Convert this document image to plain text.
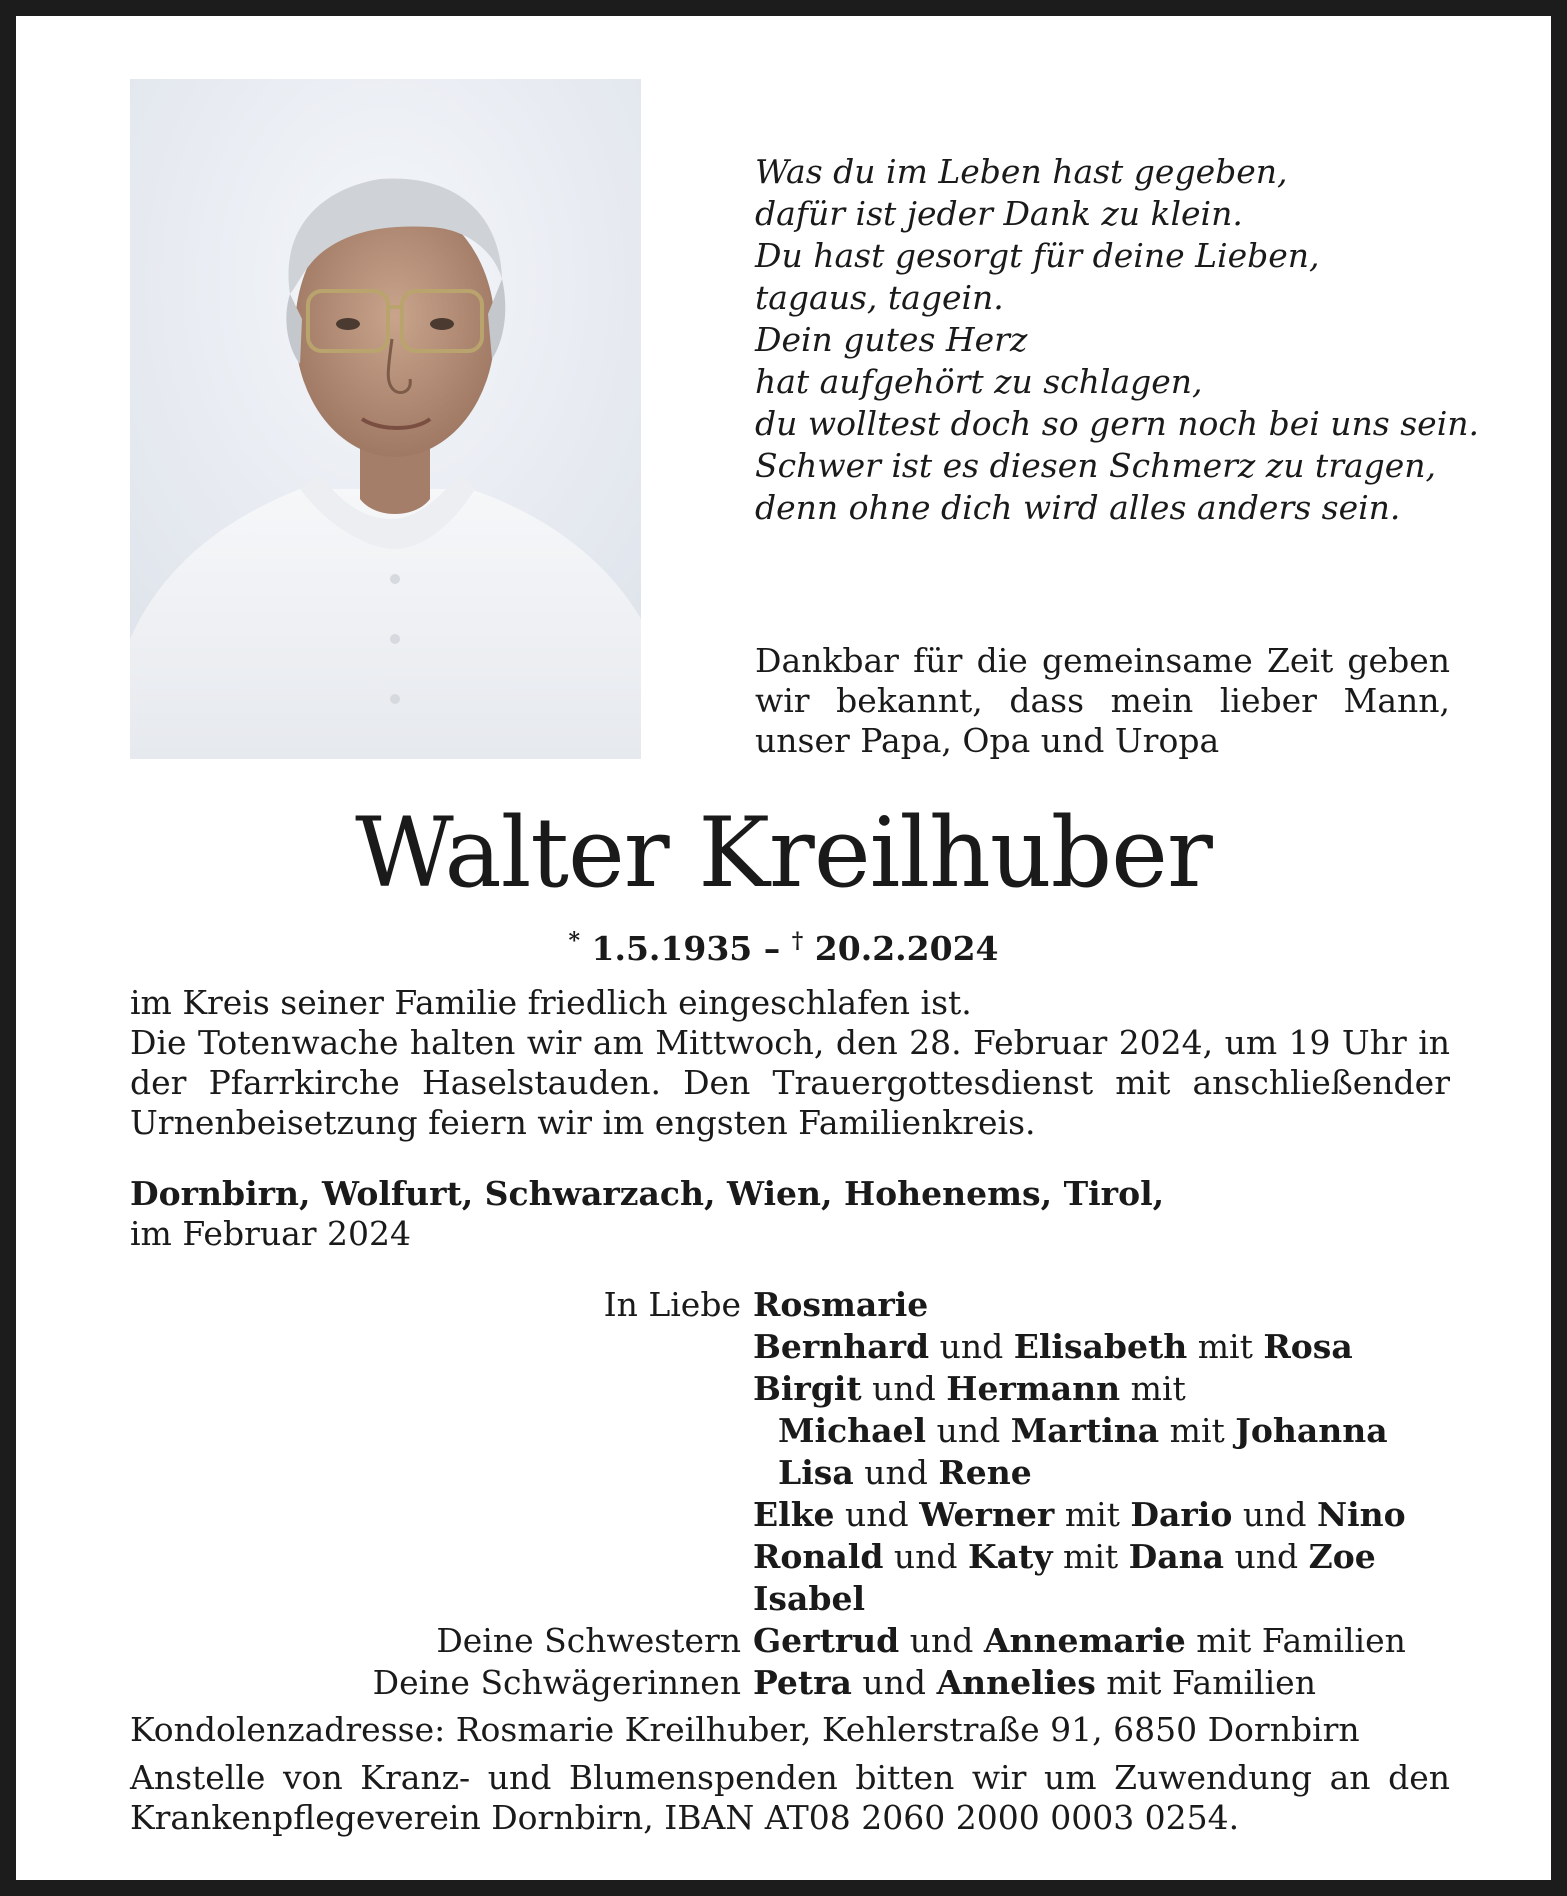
Was du im Leben hast gegeben,
dafür ist jeder Dank zu klein.
Du hast gesorgt für deine Lieben,
tagaus, tagein.
Dein gutes Herz
hat aufgehört zu schlagen,
du wolltest doch so gern noch bei uns sein.
Schwer ist es diesen Schmerz zu tragen,
denn ohne dich wird alles anders sein.
Dankbar für die gemeinsame Zeit geben wir bekannt, dass mein lieber Mann, unser Papa, Opa und Uropa
Walter Kreilhuber
* 1.5.1935 – † 20.2.2024
im Kreis seiner Familie friedlich eingeschlafen ist.
Die Totenwache halten wir am Mittwoch, den 28. Februar 2024, um 19 Uhr in der Pfarrkirche Haselstauden. Den Trauergottesdienst mit anschließender Urnenbeisetzung feiern wir im engsten Familienkreis.
Dornbirn, Wolfurt, Schwarzach, Wien, Hohenems, Tirol,
im Februar 2024
In Liebe Rosmarie
Bernhard und Elisabeth mit Rosa
Birgit und Hermann mit
Michael und Martina mit Johanna
Lisa und Rene
Elke und Werner mit Dario und Nino
Ronald und Katy mit Dana und Zoe
Isabel
Deine Schwestern Gertrud und Annemarie mit Familien
Deine Schwägerinnen Petra und Annelies mit Familien
Kondolenzadresse: Rosmarie Kreilhuber, Kehlerstraße 91, 6850 Dornbirn
Anstelle von Kranz- und Blumenspenden bitten wir um Zuwendung an den Krankenpflegeverein Dornbirn, IBAN AT08 2060 2000 0003 0254.
